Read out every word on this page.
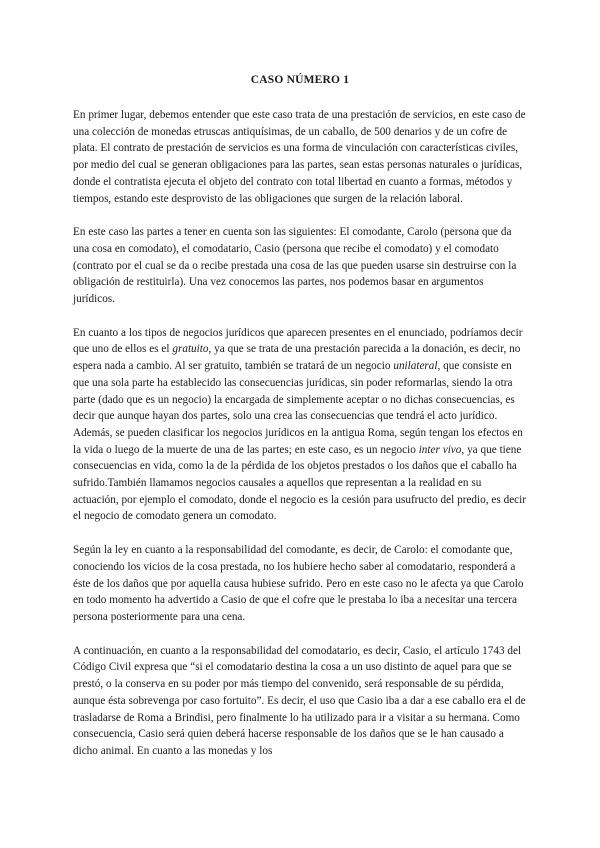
CASO NÚMERO 1

En primer lugar, debemos entender que este caso trata de una prestación de servicios, en este caso de una colección de monedas etruscas antiquísimas, de un caballo, de 500 denarios y de un cofre de plata. El contrato de prestación de servicios es una forma de vinculación con características civiles, por medio del cual se generan obligaciones para las partes, sean estas personas naturales o jurídicas, donde el contratista ejecuta el objeto del contrato con total libertad en cuanto a formas, métodos y tiempos, estando este desprovisto de las obligaciones que surgen de la relación laboral.

En este caso las partes a tener en cuenta son las siguientes: El comodante, Carolo (persona que da una cosa en comodato), el comodatario, Casio (persona que recibe el comodato) y el comodato (contrato por el cual se da o recibe prestada una cosa de las que pueden usarse sin destruirse con la obligación de restituirla). Una vez conocemos las partes, nos podemos basar en argumentos jurídicos.

En cuanto a los tipos de negocios jurídicos que aparecen presentes en el enunciado, podríamos decir que uno de ellos es el gratuito, ya que se trata de una prestación parecida a la donación, es decir, no espera nada a cambio. Al ser gratuito, también se tratará de un negocio unilateral, que consiste en que una sola parte ha establecido las consecuencias jurídicas, sin poder reformarlas, siendo la otra parte (dado que es un negocio) la encargada de simplemente aceptar o no dichas consecuencias, es decir que aunque hayan dos partes, solo una crea las consecuencias que tendrá el acto jurídico. Además, se pueden clasificar los negocios jurídicos en la antigua Roma, según tengan los efectos en la vida o luego de la muerte de una de las partes; en este caso, es un negocio inter vivo, ya que tiene consecuencias en vida, como la de la pérdida de los objetos prestados o los daños que el caballo ha sufrido.También llamamos negocios causales a aquellos que representan a la realidad en su actuación, por ejemplo el comodato, donde el negocio es la cesión para usufructo del predio, es decir el negocio de comodato genera un comodato.

Según la ley en cuanto a la responsabilidad del comodante, es decir, de Carolo: el comodante que, conociendo los vicios de la cosa prestada, no los hubiere hecho saber al comodatario, responderá a éste de los daños que por aquella causa hubiese sufrido. Pero en este caso no le afecta ya que Carolo en todo momento ha advertido a Casio de que el cofre que le prestaba lo iba a necesitar una tercera persona posteriormente para una cena.

A continuación, en cuanto a la responsabilidad del comodatario, es decir, Casio, el artículo 1743 del Código Civil expresa que “si el comodatario destina la cosa a un uso distinto de aquel para que se prestó, o la conserva en su poder por más tiempo del convenido, será responsable de su pérdida, aunque ésta sobrevenga por caso fortuito”. Es decir, el uso que Casio iba a dar a ese caballo era el de trasladarse de Roma a Brindisi, pero finalmente lo ha utilizado para ir a visitar a su hermana. Como consecuencia, Casio será quien deberá hacerse responsable de los daños que se le han causado a dicho animal. En cuanto a las monedas y los
